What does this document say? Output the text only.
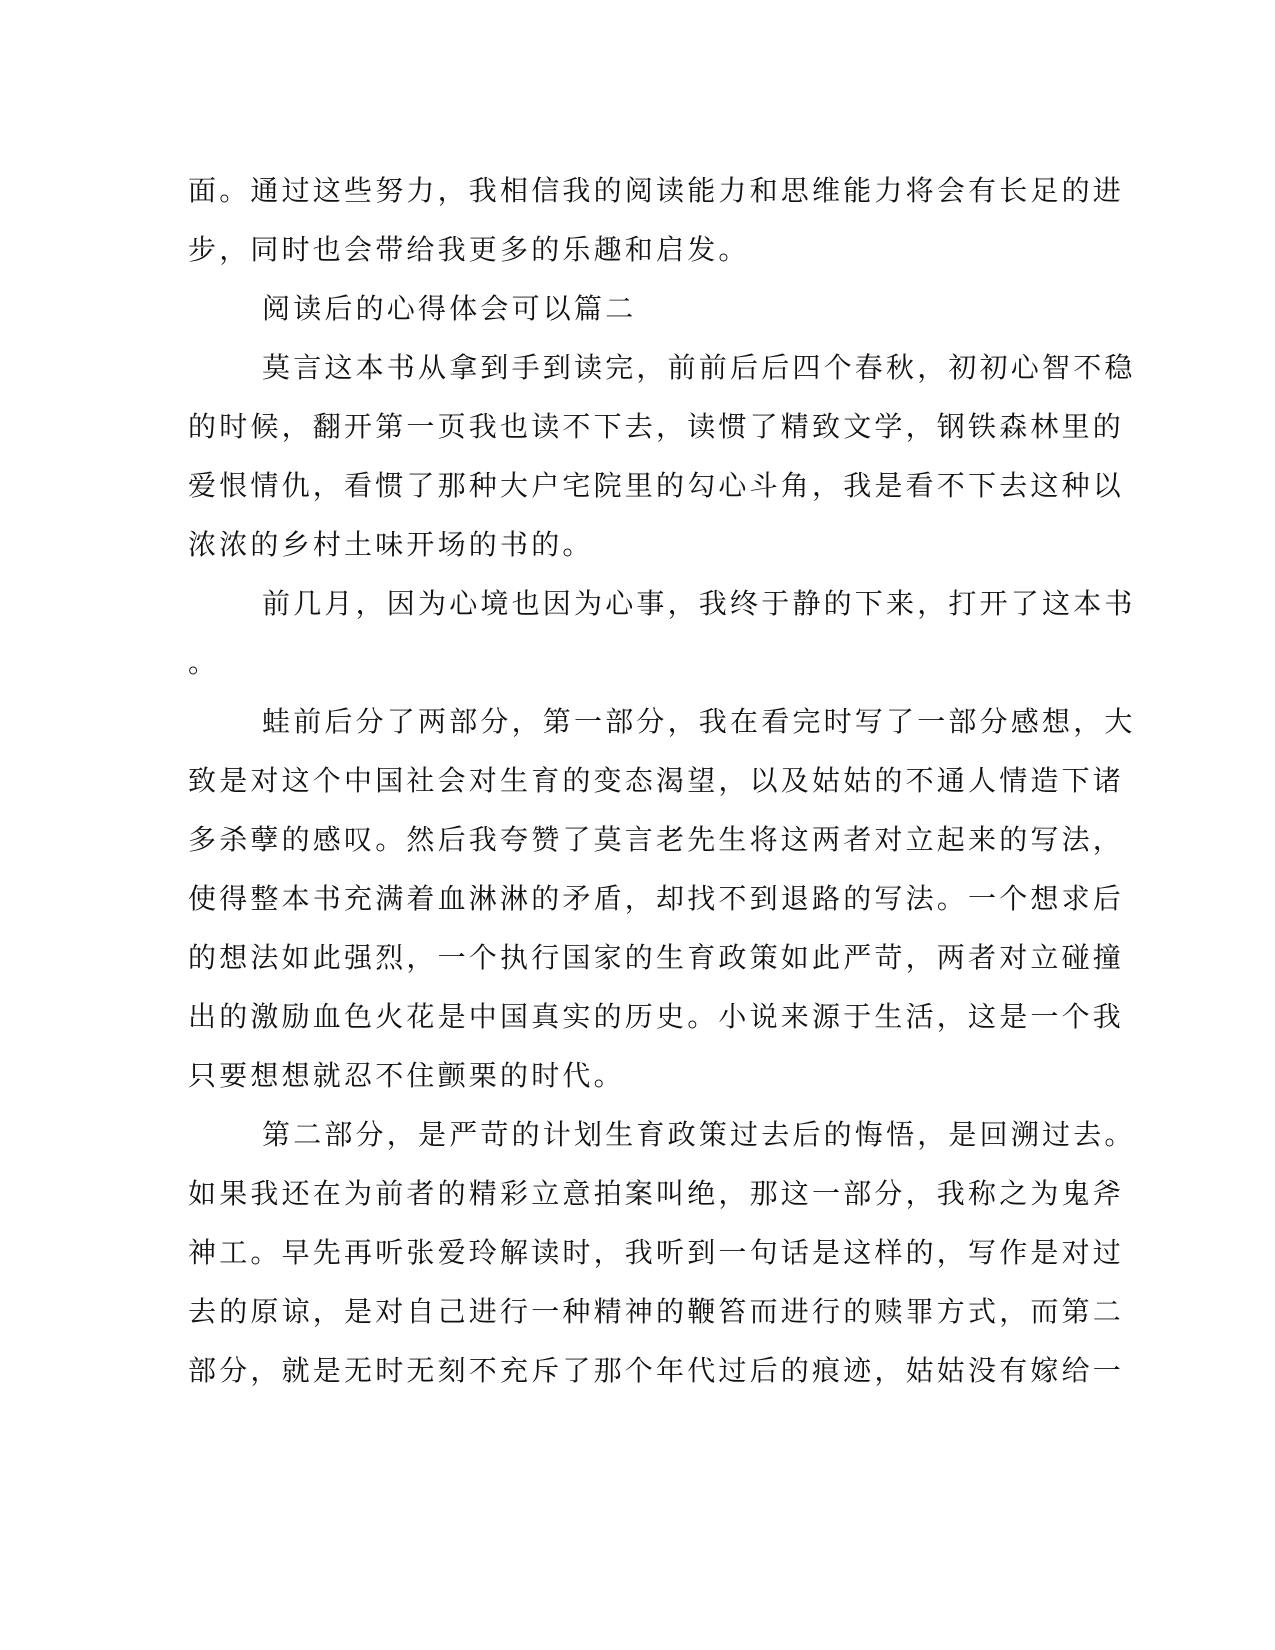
面。通过这些努力，我相信我的阅读能力和思维能力将会有长足的进
步，同时也会带给我更多的乐趣和启发。
阅读后的心得体会可以篇二
莫言这本书从拿到手到读完，前前后后四个春秋，初初心智不稳
的时候，翻开第一页我也读不下去，读惯了精致文学，钢铁森林里的
爱恨情仇，看惯了那种大户宅院里的勾心斗角，我是看不下去这种以
浓浓的乡村土味开场的书的。
前几月，因为心境也因为心事，我终于静的下来，打开了这本书
。
蛙前后分了两部分，第一部分，我在看完时写了一部分感想，大
致是对这个中国社会对生育的变态渴望，以及姑姑的不通人情造下诸
多杀孽的感叹。然后我夸赞了莫言老先生将这两者对立起来的写法，
使得整本书充满着血淋淋的矛盾，却找不到退路的写法。一个想求后
的想法如此强烈，一个执行国家的生育政策如此严苛，两者对立碰撞
出的激励血色火花是中国真实的历史。小说来源于生活，这是一个我
只要想想就忍不住颤栗的时代。
第二部分，是严苛的计划生育政策过去后的悔悟，是回溯过去。
如果我还在为前者的精彩立意拍案叫绝，那这一部分，我称之为鬼斧
神工。早先再听张爱玲解读时，我听到一句话是这样的，写作是对过
去的原谅，是对自己进行一种精神的鞭笞而进行的赎罪方式，而第二
部分，就是无时无刻不充斥了那个年代过后的痕迹，姑姑没有嫁给一
